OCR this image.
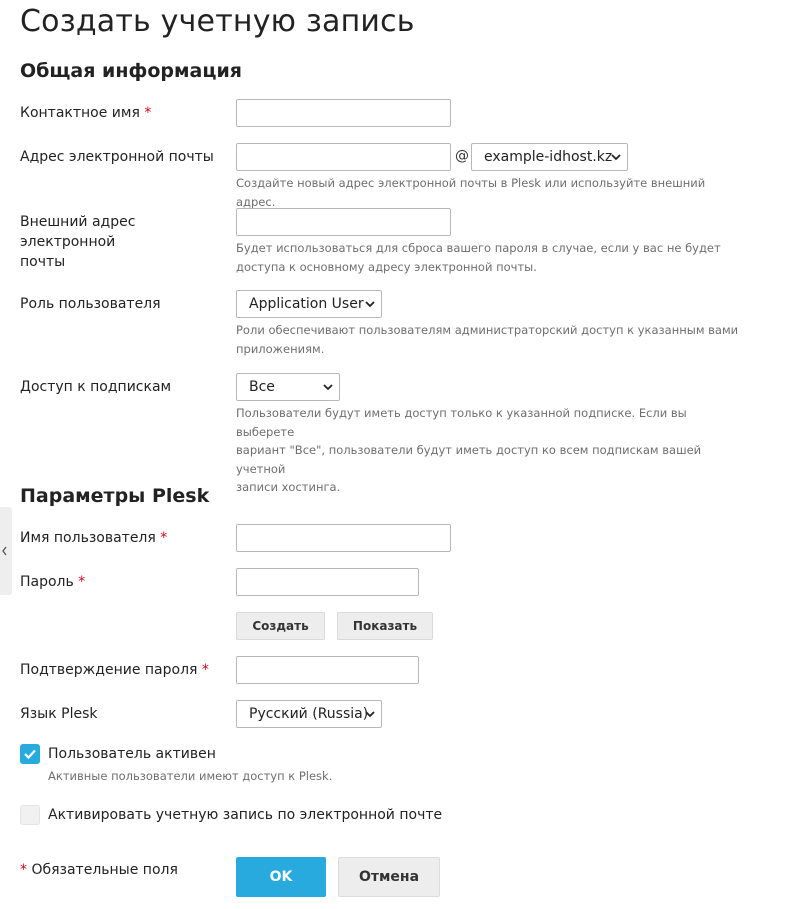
Создать учетную запись
Общая информация
Контактное имя *
Адрес электронной почты	@	example-idhost.kz
Создайте новый адрес электронной почты в Plesk или используйте внешний адрес.
Внешний адрес электронной
почты
Будет использоваться для сброса вашего пароля в случае, если у вас не будет
доступа к основному адресу электронной почты.
Роль пользователя	Application User
Роли обеспечивают пользователям администраторский доступ к указанным вами
приложениям.
Доступ к подпискам	Все
Пользователи будут иметь доступ только к указанной подписке. Если вы выберете
вариант "Все", пользователи будут иметь доступ ко всем подпискам вашей учетной
записи хостинга.
Параметры Plesk
Имя пользователя *
Пароль *
Создать	Показать
Подтверждение пароля *
Язык Plesk	Русский (Russia)
Пользователь активен
Активные пользователи имеют доступ к Plesk.
Активировать учетную запись по электронной почте
* Обязательные поля	OK	Отмена
